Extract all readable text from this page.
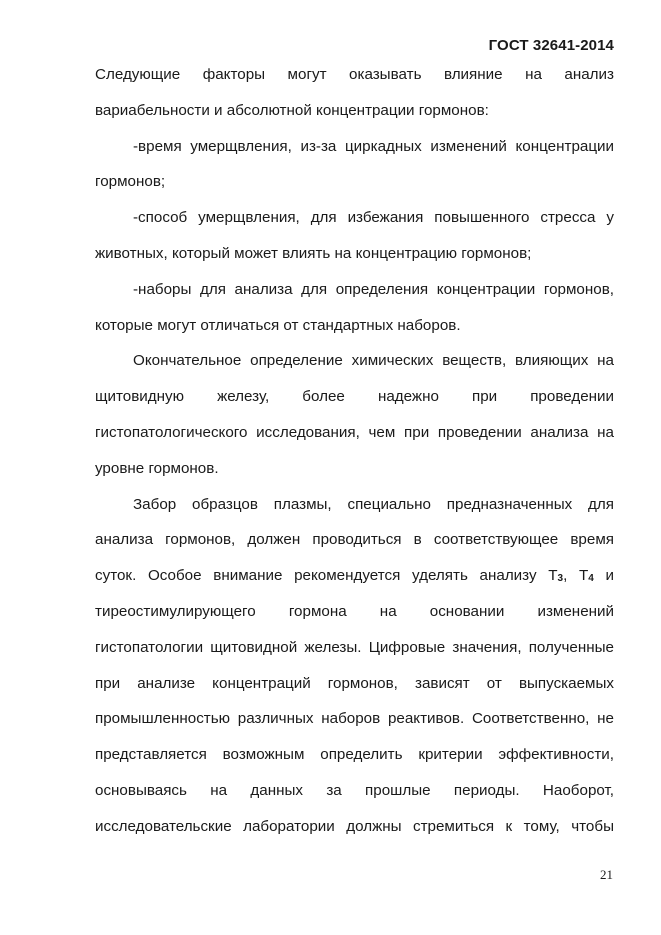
ГОСТ 32641-2014
Следующие факторы могут оказывать влияние на анализ
вариабельности и абсолютной концентрации гормонов:
-время умерщвления, из-за циркадных изменений концентрации
гормонов;
-способ умерщвления, для избежания повышенного стресса у
животных, который может влиять на концентрацию гормонов;
-наборы для анализа для определения концентрации гормонов,
которые могут отличаться от стандартных наборов.
Окончательное определение химических веществ, влияющих на
щитовидную железу, более надежно при проведении
гистопатологического исследования, чем при проведении анализа на
уровне гормонов.
Забор образцов плазмы, специально предназначенных для
анализа гормонов, должен проводиться в соответствующее время
суток. Особое внимание рекомендуется уделять анализу Т3, Т4 и
тиреостимулирующего гормона на основании изменений
гистопатологии щитовидной железы. Цифровые значения, полученные
при анализе концентраций гормонов, зависят от выпускаемых
промышленностью различных наборов реактивов. Соответственно, не
представляется возможным определить критерии эффективности,
основываясь на данных за прошлые периоды. Наоборот,
исследовательские лаборатории должны стремиться к тому, чтобы
21
